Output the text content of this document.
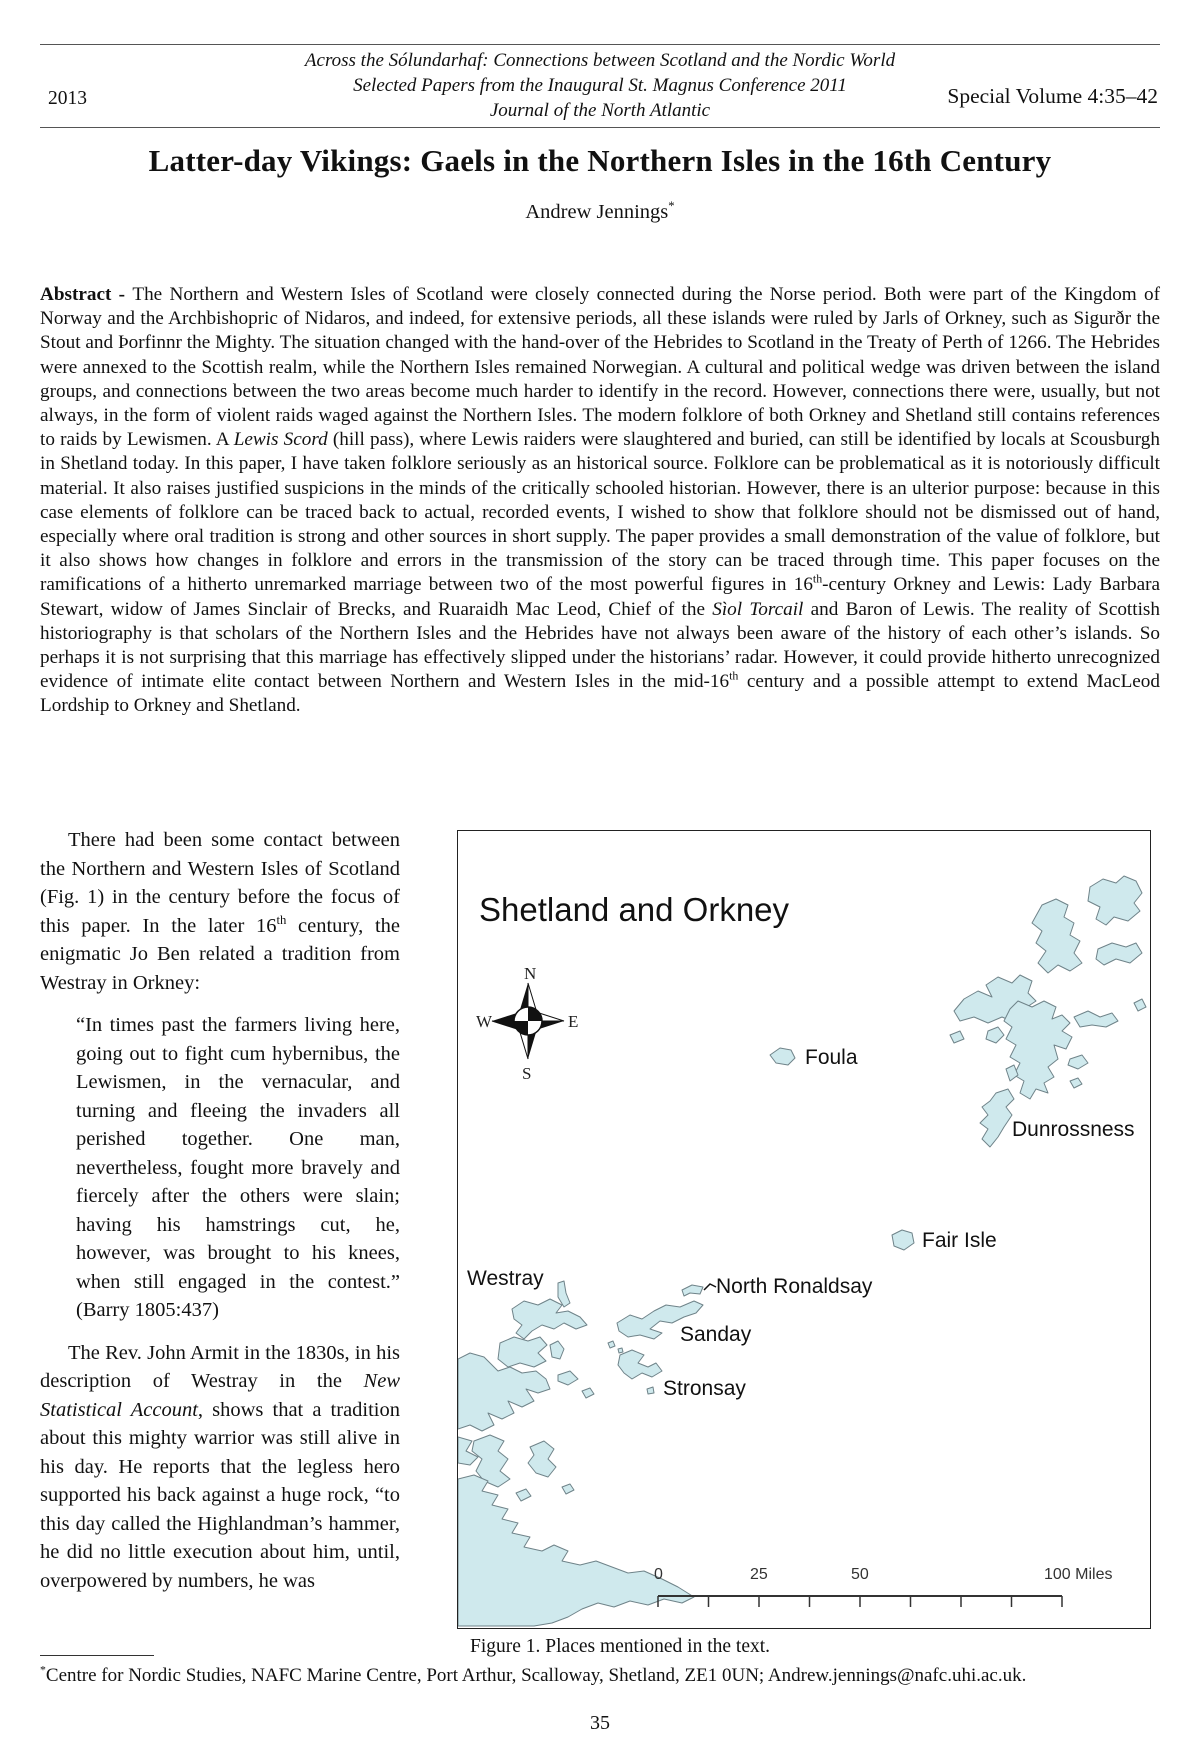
2013
Across the Sólundarhaf: Connections between Scotland and the Nordic World
Selected Papers from the Inaugural St. Magnus Conference 2011
Journal of the North Atlantic
Special Volume 4:35–42
Latter-day Vikings: Gaels in the Northern Isles in the 16th Century
Andrew Jennings*

Abstract - The Northern and Western Isles of Scotland were closely connected during the Norse period. Both were part of the Kingdom of Norway and the Archbishopric of Nidaros, and indeed, for extensive periods, all these islands were ruled by Jarls of Orkney, such as Sigurðr the Stout and Þorfinnr the Mighty. The situation changed with the hand-over of the Hebrides to Scotland in the Treaty of Perth of 1266. The Hebrides were annexed to the Scottish realm, while the Northern Isles remained Norwegian. A cultural and political wedge was driven between the island groups, and connections between the two areas become much harder to identify in the record. However, connections there were, usually, but not always, in the form of violent raids waged against the Northern Isles. The modern folklore of both Orkney and Shetland still contains references to raids by Lewismen. A Lewis Scord (hill pass), where Lewis raiders were slaughtered and buried, can still be identified by locals at Scousburgh in Shetland today. In this paper, I have taken folklore seriously as an historical source. Folklore can be problematical as it is notoriously difficult material. It also raises justified suspicions in the minds of the critically schooled historian. However, there is an ulterior purpose: because in this case elements of folklore can be traced back to actual, recorded events, I wished to show that folklore should not be dismissed out of hand, especially where oral tradition is strong and other sources in short supply. The paper provides a small demonstration of the value of folklore, but it also shows how changes in folklore and errors in the transmission of the story can be traced through time. This paper focuses on the ramifications of a hitherto unremarked marriage between two of the most powerful figures in 16th-century Orkney and Lewis: Lady Barbara Stewart, widow of James Sinclair of Brecks, and Ruaraidh Mac Leod, Chief of the Sìol Torcail and Baron of Lewis. The reality of Scottish historiography is that scholars of the Northern Isles and the Hebrides have not always been aware of the history of each other’s islands. So perhaps it is not surprising that this marriage has effectively slipped under the historians’ radar. However, it could provide hitherto unrecognized evidence of intimate elite contact between Northern and Western Isles in the mid-16th century and a possible attempt to extend MacLeod Lordship to Orkney and Shetland.

There had been some contact between the Northern and Western Isles of Scotland (Fig. 1) in the century before the focus of this paper. In the later 16th century, the enigmatic Jo Ben related a tradition from Westray in Orkney:

“In times past the farmers living here, going out to fight cum hybernibus, the Lewismen, in the vernacular, and turning and fleeing the invaders all perished together. One man, nevertheless, fought more bravely and fiercely after the others were slain; having his hamstrings cut, he, however, was brought to his knees, when still engaged in the contest.” (Barry 1805:437)

The Rev. John Armit in the 1830s, in his description of Westray in the New Statistical Account, shows that a tradition about this mighty warrior was still alive in his day. He reports that the legless hero supported his back against a huge rock, “to this day called the Highlandman’s hammer, he did no little execution about him, until, overpowered by numbers, he was

Shetland and Orkney
N
S
W	E
Dunrossness
Foula
Fair Isle
Westray	North Ronaldsay
Sanday
Stronsay
0	25	50	100 Miles
Figure 1. Places mentioned in the text.

*Centre for Nordic Studies, NAFC Marine Centre, Port Arthur, Scalloway, Shetland, ZE1 0UN; Andrew.jennings@nafc.uhi.ac.uk.

35
